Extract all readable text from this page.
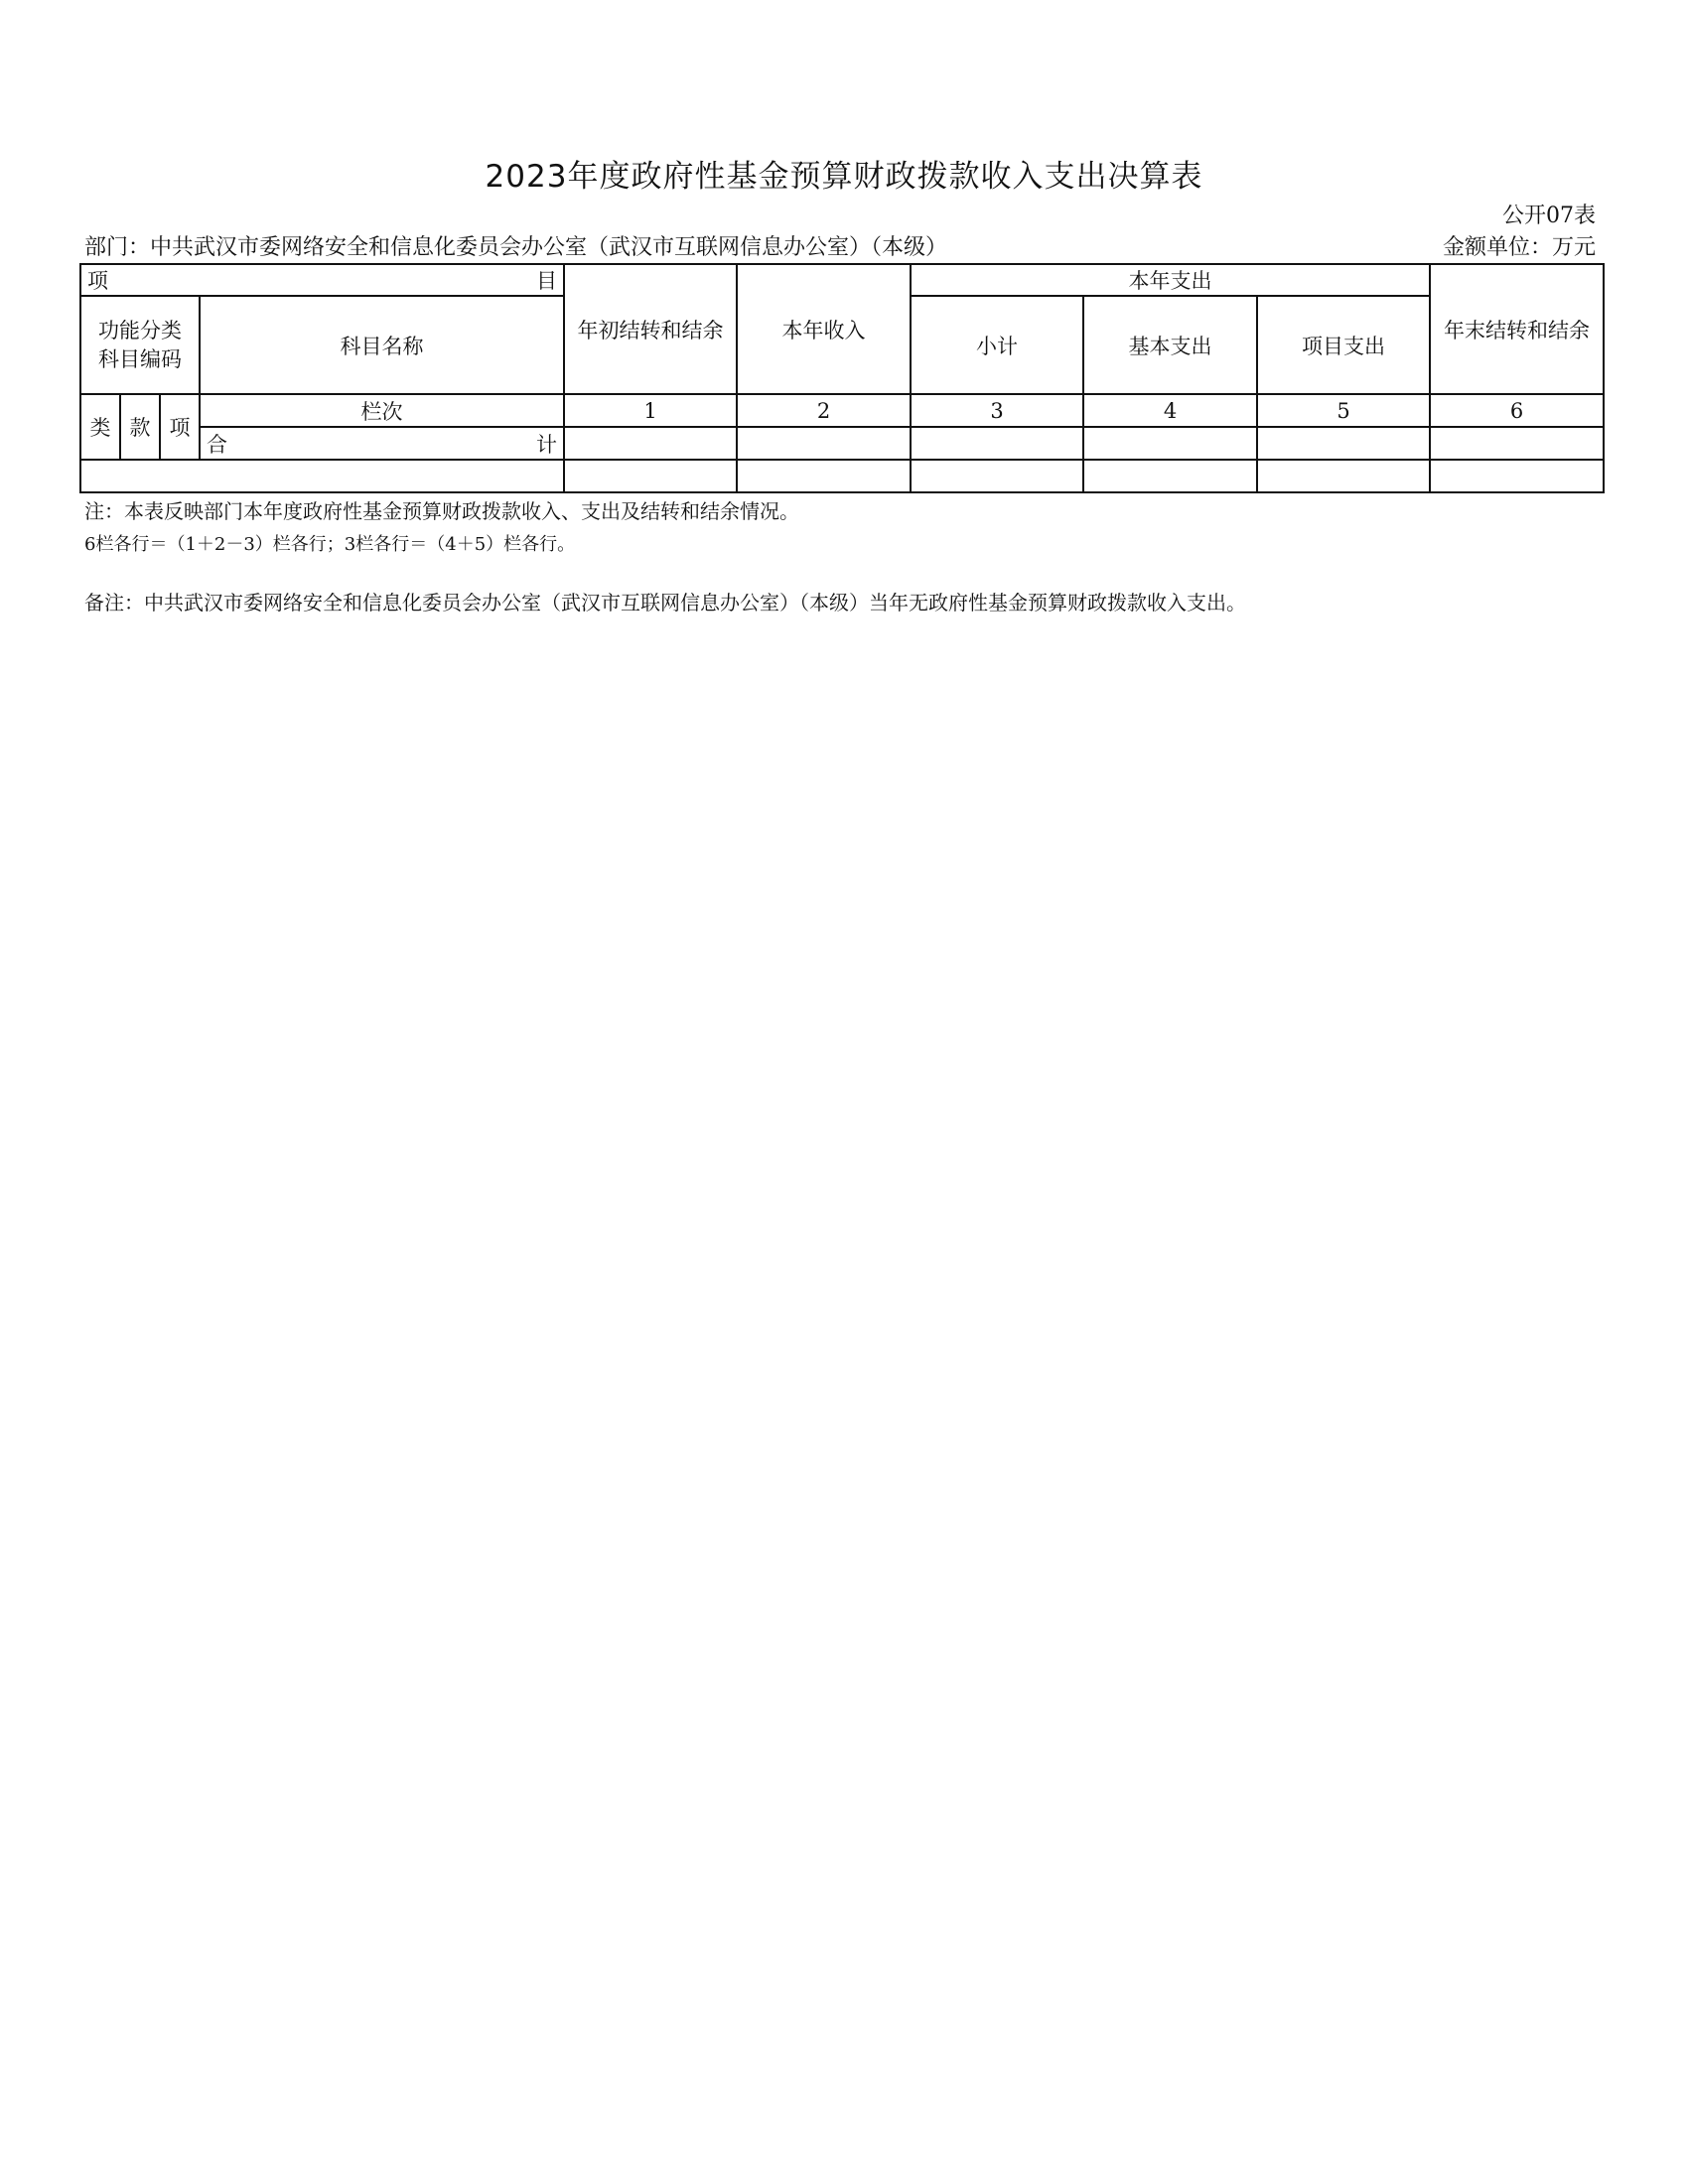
2023年度政府性基金预算财政拨款收入支出决算表
公开07表
部门：中共武汉市委网络安全和信息化委员会办公室（武汉市互联网信息办公室）（本级）	金额单位：万元
项 目				年初结转和结余	本年收入	本年支出			年末结转和结余

功能分类
科目编码			科目名称			小计	基本支出	项目支出	
类	款	项	栏次	1	2	3	4	5	6

			合 计						

注：本表反映部门本年度政府性基金预算财政拨款收入、支出及结转和结余情况。
6栏各行＝（1＋2－3）栏各行；3栏各行＝（4＋5）栏各行。
备注：中共武汉市委网络安全和信息化委员会办公室（武汉市互联网信息办公室）（本级）当年无政府性基金预算财政拨款收入支出。
